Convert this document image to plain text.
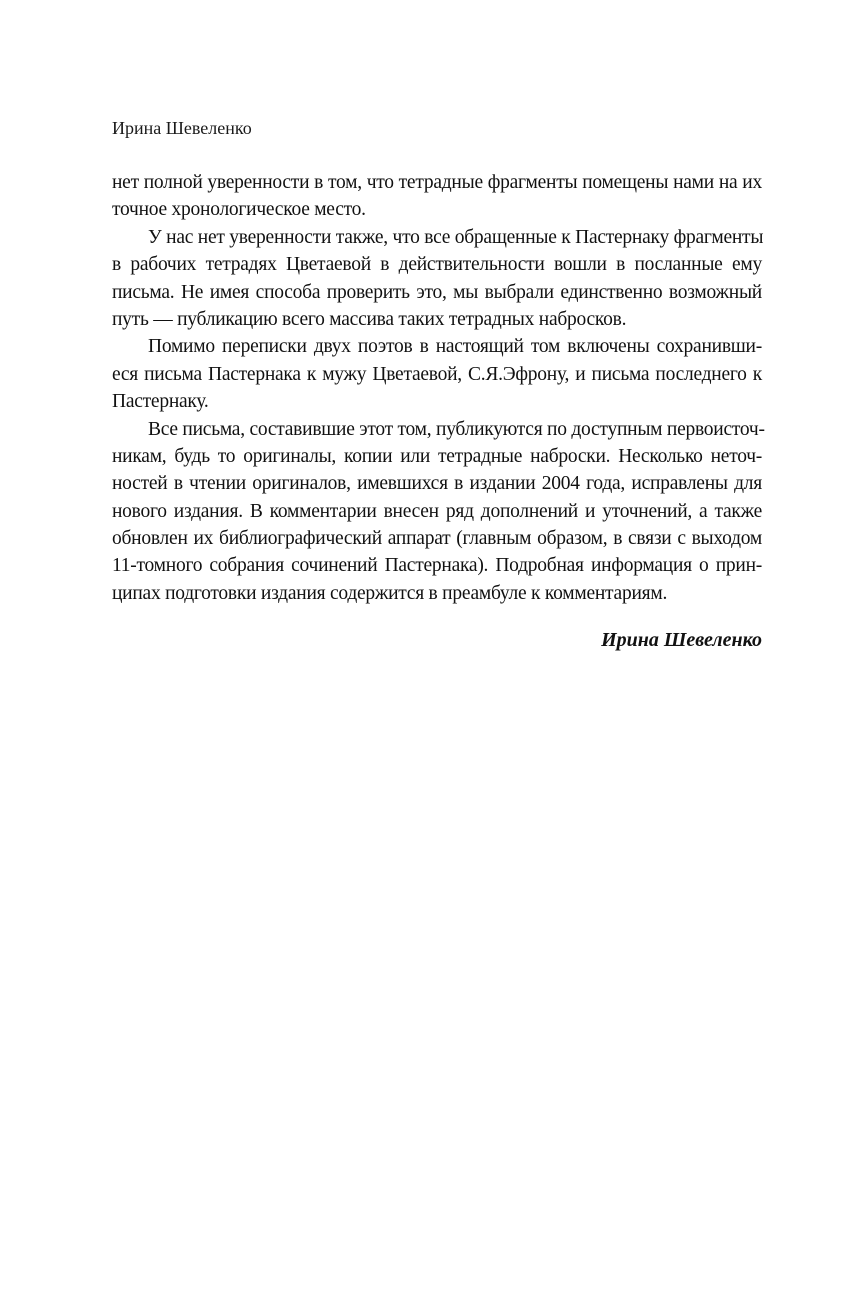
Ирина Шевеленко
нет полной уверенности в том, что тетрадные фрагменты помещены нами на их
точное хронологическое место.
У нас нет уверенности также, что все обращенные к Пастернаку фрагменты
в рабочих тетрадях Цветаевой в действительности вошли в посланные ему
письма. Не имея способа проверить это, мы выбрали единственно возможный
путь — публикацию всего массива таких тетрадных набросков.
Помимо переписки двух поэтов в настоящий том включены сохранивши-
еся письма Пастернака к мужу Цветаевой, С.Я.Эфрону, и письма последнего к
Пастернаку.
Все письма, составившие этот том, публикуются по доступным первоисточ-
никам, будь то оригиналы, копии или тетрадные наброски. Несколько неточ-
ностей в чтении оригиналов, имевшихся в издании 2004 года, исправлены для
нового издания. В комментарии внесен ряд дополнений и уточнений, а также
обновлен их библиографический аппарат (главным образом, в связи с выходом
11-томного собрания сочинений Пастернака). Подробная информация о прин-
ципах подготовки издания содержится в преамбуле к комментариям.
Ирина Шевеленко
